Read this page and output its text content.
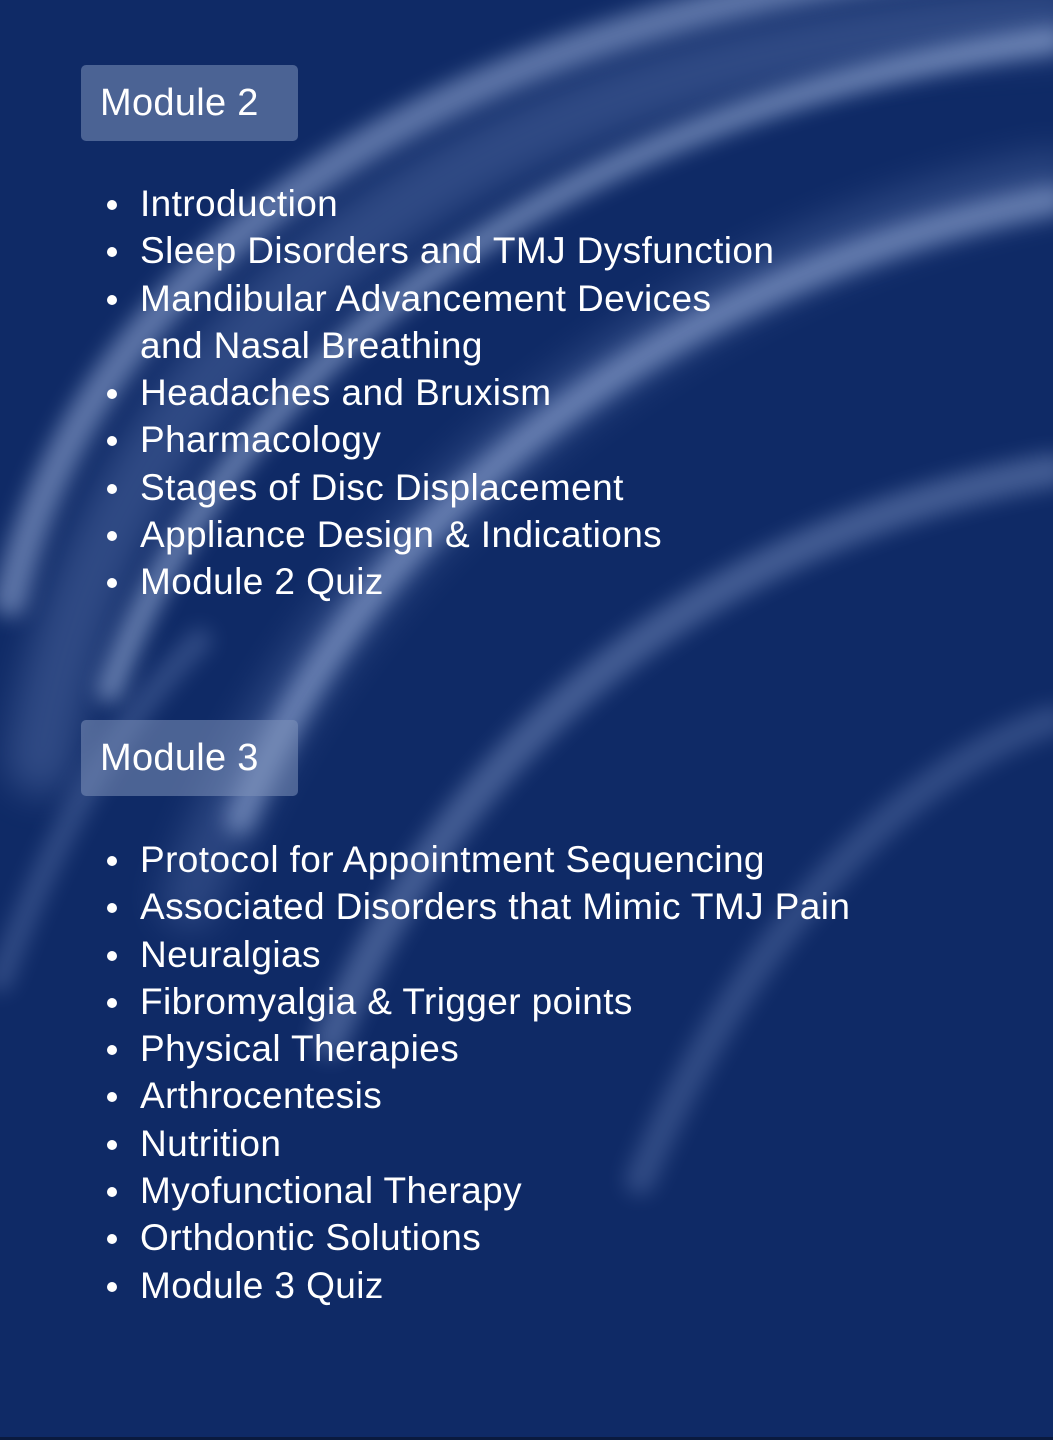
Module 2
Introduction
Sleep Disorders and TMJ Dysfunction
Mandibular Advancement Devices
and Nasal Breathing
Headaches and Bruxism
Pharmacology
Stages of Disc Displacement
Appliance Design & Indications
Module 2 Quiz
Module 3
Protocol for Appointment Sequencing
Associated Disorders that Mimic TMJ Pain
Neuralgias
Fibromyalgia & Trigger points
Physical Therapies
Arthrocentesis
Nutrition
Myofunctional Therapy
Orthdontic Solutions
Module 3 Quiz
